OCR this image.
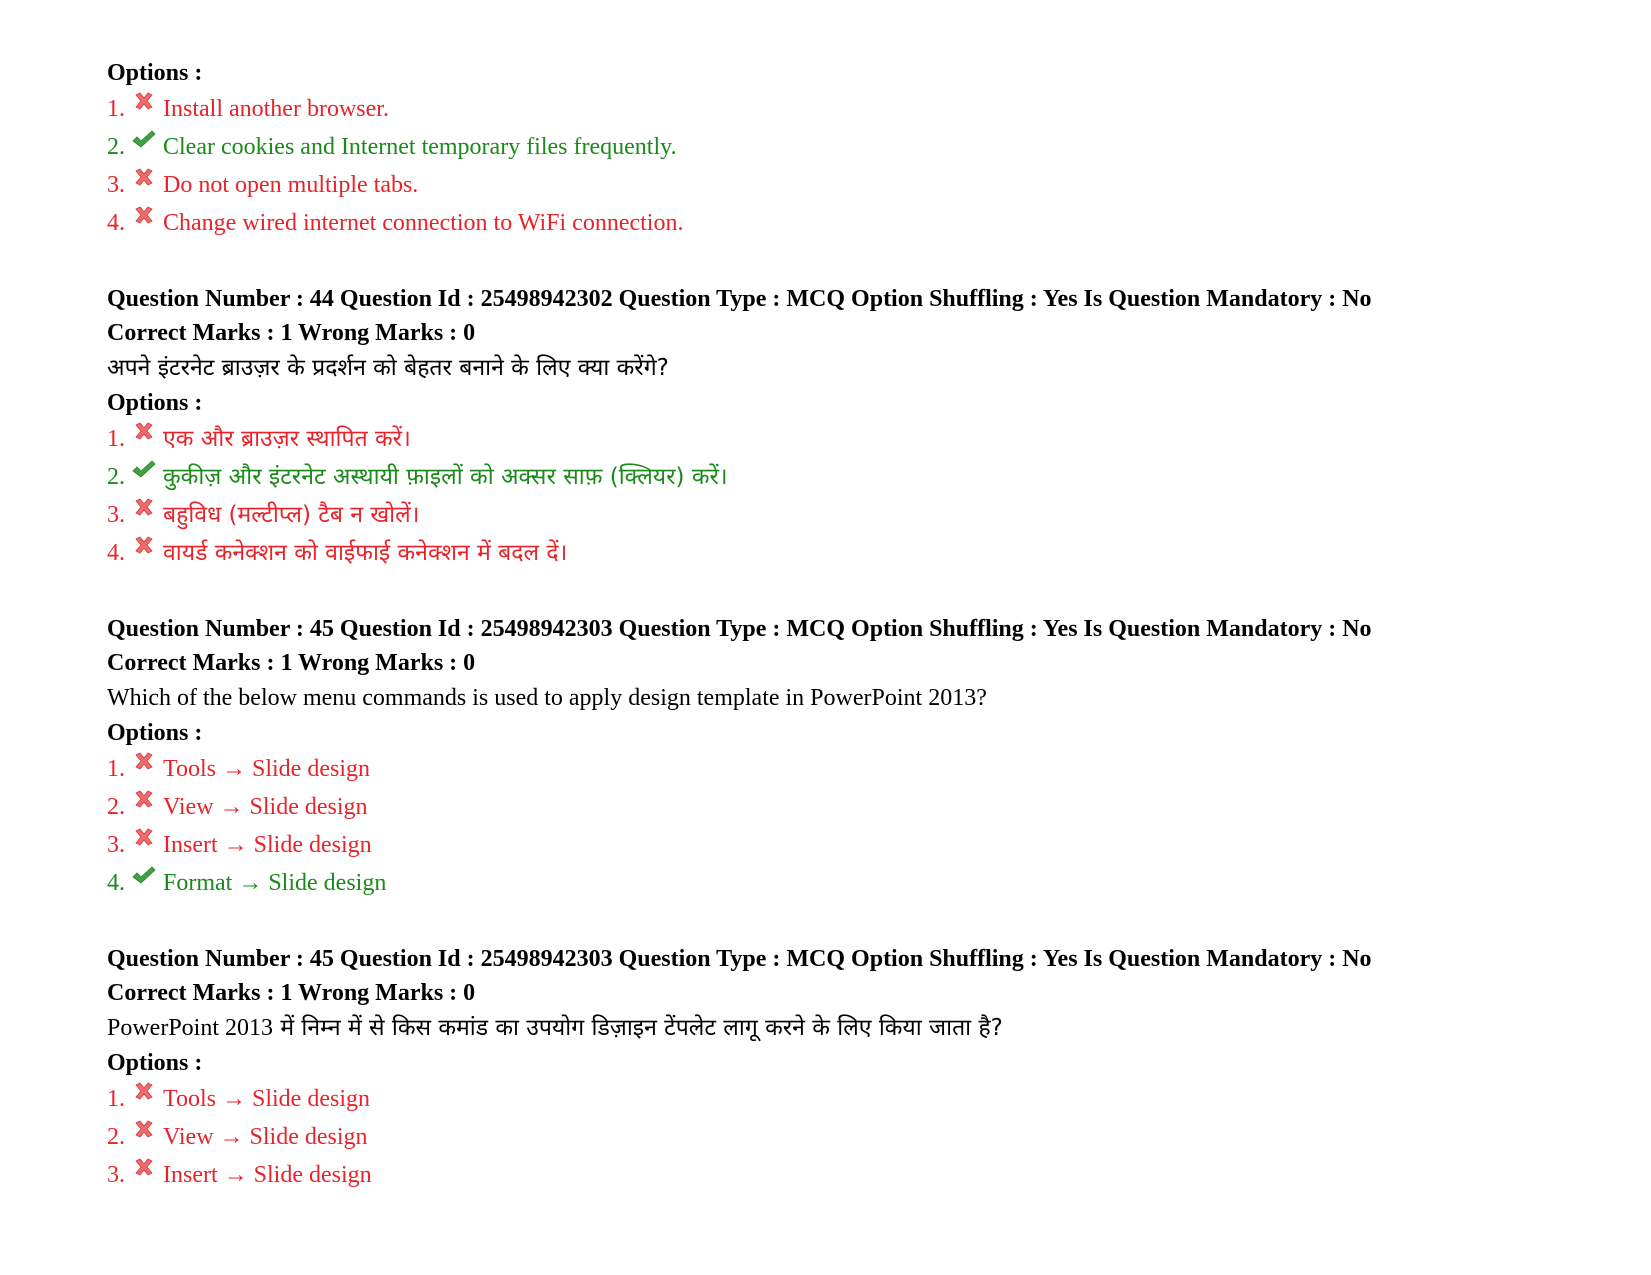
Options :
1. Install another browser.
2. Clear cookies and Internet temporary files frequently.
3. Do not open multiple tabs.
4. Change wired internet connection to WiFi connection.
Question Number : 44 Question Id : 25498942302 Question Type : MCQ Option Shuffling : Yes Is Question Mandatory : No
Correct Marks : 1 Wrong Marks : 0
अपने इंटरनेट ब्राउज़र के प्रदर्शन को बेहतर बनाने के लिए क्या करेंगे?
Options :
1. एक और ब्राउज़र स्थापित करें।
2. कुकीज़ और इंटरनेट अस्थायी फ़ाइलों को अक्सर साफ़ (क्लियर) करें।
3. बहुविध (मल्टीप्ल) टैब न खोलें।
4. वायर्ड कनेक्शन को वाईफाई कनेक्शन में बदल दें।
Question Number : 45 Question Id : 25498942303 Question Type : MCQ Option Shuffling : Yes Is Question Mandatory : No
Correct Marks : 1 Wrong Marks : 0
Which of the below menu commands is used to apply design template in PowerPoint 2013?
Options :
1. Tools → Slide design
2. View → Slide design
3. Insert → Slide design
4. Format → Slide design
Question Number : 45 Question Id : 25498942303 Question Type : MCQ Option Shuffling : Yes Is Question Mandatory : No
Correct Marks : 1 Wrong Marks : 0
PowerPoint 2013 में निम्न में से किस कमांड का उपयोग डिज़ाइन टेंपलेट लागू करने के लिए किया जाता है?
Options :
1. Tools → Slide design
2. View → Slide design
3. Insert → Slide design
